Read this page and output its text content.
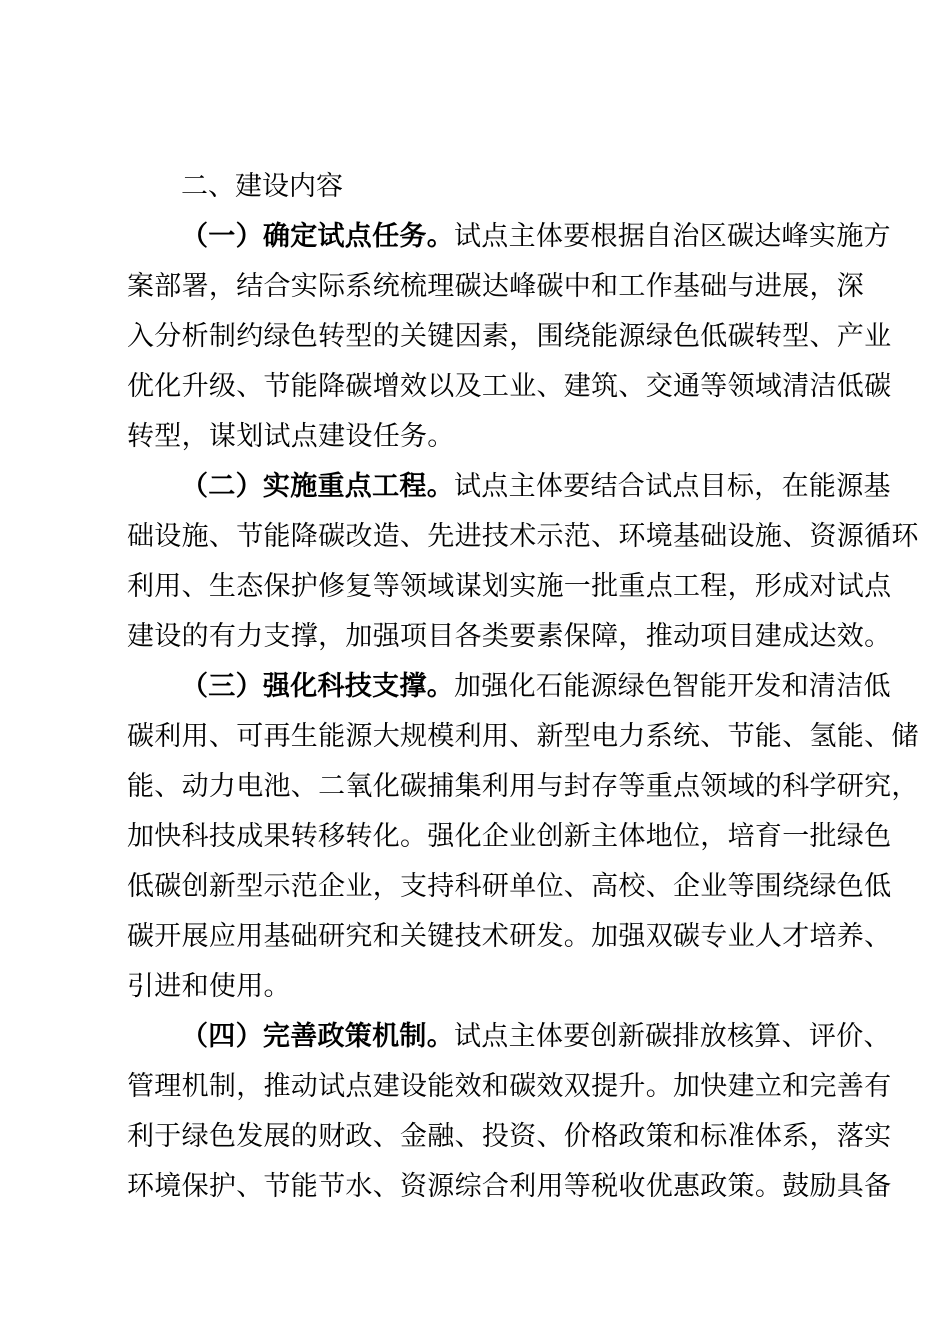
二、建设内容
（一）确定试点任务。试点主体要根据自治区碳达峰实施方
案部署，结合实际系统梳理碳达峰碳中和工作基础与进展，深
入分析制约绿色转型的关键因素，围绕能源绿色低碳转型、产业
优化升级、节能降碳增效以及工业、建筑、交通等领域清洁低碳
转型，谋划试点建设任务。
（二）实施重点工程。试点主体要结合试点目标，在能源基
础设施、节能降碳改造、先进技术示范、环境基础设施、资源循环
利用、生态保护修复等领域谋划实施一批重点工程，形成对试点
建设的有力支撑，加强项目各类要素保障，推动项目建成达效。
（三）强化科技支撑。加强化石能源绿色智能开发和清洁低
碳利用、可再生能源大规模利用、新型电力系统、节能、氢能、储
能、动力电池、二氧化碳捕集利用与封存等重点领域的科学研究，
加快科技成果转移转化。强化企业创新主体地位，培育一批绿色
低碳创新型示范企业，支持科研单位、高校、企业等围绕绿色低
碳开展应用基础研究和关键技术研发。加强双碳专业人才培养、
引进和使用。
（四）完善政策机制。试点主体要创新碳排放核算、评价、
管理机制，推动试点建设能效和碳效双提升。加快建立和完善有
利于绿色发展的财政、金融、投资、价格政策和标准体系，落实
环境保护、节能节水、资源综合利用等税收优惠政策。鼓励具备
